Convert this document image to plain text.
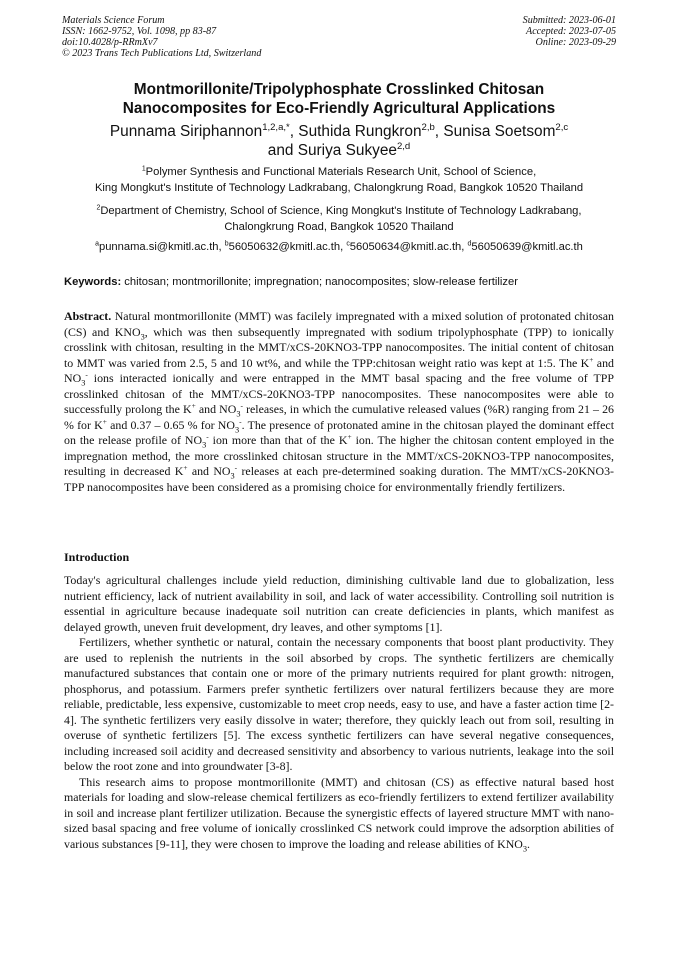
Materials Science Forum
ISSN: 1662-9752, Vol. 1098, pp 83-87
doi:10.4028/p-RRmXv7
© 2023 Trans Tech Publications Ltd, Switzerland
Submitted: 2023-06-01
Accepted: 2023-07-05
Online: 2023-09-29
Montmorillonite/Tripolyphosphate Crosslinked Chitosan
Nanocomposites for Eco-Friendly Agricultural Applications
Punnama Siriphannon$^{1,2,a,*}$, Suthida Rungkron$^{2,b}$, Sunisa Soetsom$^{2,c}$
and Suriya Sukyee$^{2,d}$
$^1$Polymer Synthesis and Functional Materials Research Unit, School of Science,
King Mongkut's Institute of Technology Ladkrabang, Chalongkrung Road, Bangkok 10520 Thailand
$^2$Department of Chemistry, School of Science, King Mongkut's Institute of Technology Ladkrabang,
Chalongkrung Road, Bangkok 10520 Thailand
$^a$punnama.si@kmitl.ac.th, $^b$56050632@kmitl.ac.th, $^c$56050634@kmitl.ac.th, $^d$56050639@kmitl.ac.th
Keywords: chitosan; montmorillonite; impregnation; nanocomposites; slow-release fertilizer
Abstract. Natural montmorillonite (MMT) was facilely impregnated with a mixed solution of protonated chitosan (CS) and $KNO_3$, which was then subsequently impregnated with sodium tripolyphosphate (TPP) to ionically crosslink with chitosan, resulting in the MMT/xCS-20KNO3-TPP nanocomposites. The initial content of chitosan to MMT was varied from 2.5, 5 and 10 wt%, and while the TPP:chitosan weight ratio was kept at 1:5. The K+ and $NO_3^-$ ions interacted ionically and were entrapped in the MMT basal spacing and the free volume of TPP crosslinked chitosan of the MMT/xCS-20KNO3-TPP nanocomposites. These nanocomposites were able to successfully prolong the K+ and $NO_3^-$ releases, in which the cumulative released values (%R) ranging from 21 – 26 % for K+ and 0.37 – 0.65 % for $NO_3^-$. The presence of protonated amine in the chitosan played the dominant effect on the release profile of $NO_3^-$ ion more than that of the K+ ion. The higher the chitosan content employed in the impregnation method, the more crosslinked chitosan structure in the MMT/xCS-20KNO3-TPP nanocomposites, resulting in decreased K+ and $NO_3^-$ releases at each pre-determined soaking duration. The MMT/xCS-20KNO3-TPP nanocomposites have been considered as a promising choice for environmentally friendly fertilizers.
Introduction

Today's agricultural challenges include yield reduction, diminishing cultivable land due to globalization, less nutrient efficiency, lack of nutrient availability in soil, and lack of water accessibility. Controlling soil nutrition is essential in agriculture because inadequate soil nutrition can create deficiencies in plants, which manifest as delayed growth, uneven fruit development, dry leaves, and other symptoms [1].

Fertilizers, whether synthetic or natural, contain the necessary components that boost plant productivity. They are used to replenish the nutrients in the soil absorbed by crops. The synthetic fertilizers are chemically manufactured substances that contain one or more of the primary nutrients required for plant growth: nitrogen, phosphorus, and potassium. Farmers prefer synthetic fertilizers over natural fertilizers because they are more reliable, predictable, less expensive, customizable to meet crop needs, easy to use, and have a faster action time [2-4]. The synthetic fertilizers very easily dissolve in water; therefore, they quickly leach out from soil, resulting in overuse of synthetic fertilizers [5]. The excess synthetic fertilizers can have several negative consequences, including increased soil acidity and decreased sensitivity and absorbency to various nutrients, leakage into the soil below the root zone and into groundwater [3-8].

This research aims to propose montmorillonite (MMT) and chitosan (CS) as effective natural based host materials for loading and slow-release chemical fertilizers as eco-friendly fertilizers to extend fertilizer availability in soil and increase plant fertilizer utilization. Because the synergistic effects of layered structure MMT with nano-sized basal spacing and free volume of ionically crosslinked CS network could improve the adsorption abilities of various substances [9-11], they were chosen to improve the loading and release abilities of $KNO_3$.
